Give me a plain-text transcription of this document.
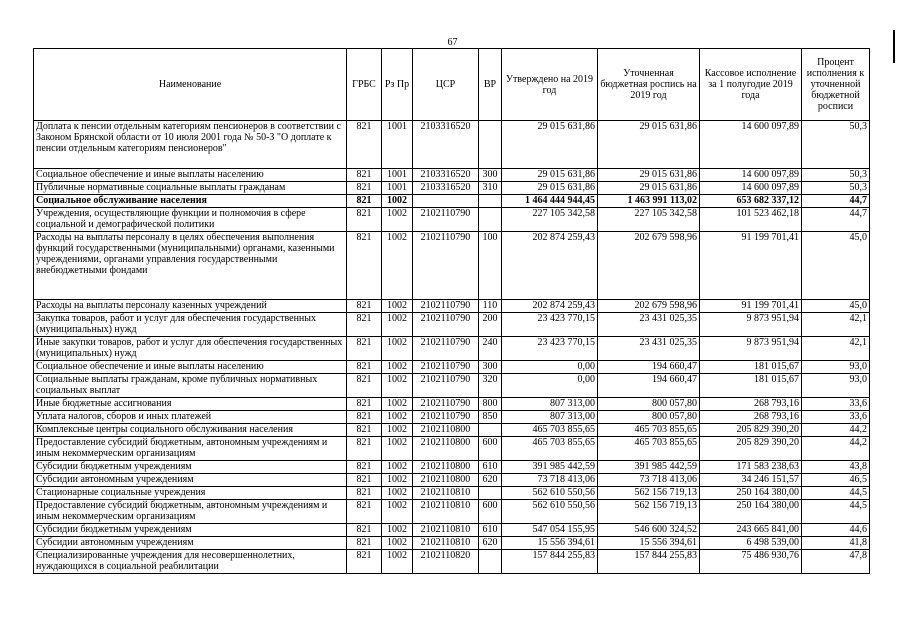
67
Наименование	ГРБС	Рз Пр	ЦСР	ВР	Утверждено на 2019 год	Уточненная бюджетная роспись на 2019 год	Кассовое исполнение за 1 полугодие 2019 года	Процент исполнения к уточненной бюджетной росписи
Доплата к пенсии отдельным категориям пенсионеров в соответствии с Законом Брянской области от 10 июля 2001 года № 50-З "О доплате к пенсии отдельным категориям пенсионеров"	821	1001	2103316520		29 015 631,86	29 015 631,86	14 600 097,89	50,3
Социальное обеспечение и иные выплаты населению	821	1001	2103316520	300	29 015 631,86	29 015 631,86	14 600 097,89	50,3
Публичные нормативные социальные выплаты гражданам	821	1001	2103316520	310	29 015 631,86	29 015 631,86	14 600 097,89	50,3
Социальное обслуживание населения	821	1002			1 464 444 944,45	1 463 991 113,02	653 682 337,12	44,7
Учреждения, осуществляющие функции и полномочия в сфере социальной и демографической политики	821	1002	2102110790		227 105 342,58	227 105 342,58	101 523 462,18	44,7
Расходы на выплаты персоналу в целях обеспечения выполнения функций государственными (муниципальными) органами, казенными учреждениями, органами управления государственными внебюджетными фондами	821	1002	2102110790	100	202 874 259,43	202 679 598,96	91 199 701,41	45,0
Расходы на выплаты персоналу казенных учреждений	821	1002	2102110790	110	202 874 259,43	202 679 598,96	91 199 701,41	45,0
Закупка товаров, работ и услуг для обеспечения государственных (муниципальных) нужд	821	1002	2102110790	200	23 423 770,15	23 431 025,35	9 873 951,94	42,1
Иные закупки товаров, работ и услуг для обеспечения государственных (муниципальных) нужд	821	1002	2102110790	240	23 423 770,15	23 431 025,35	9 873 951,94	42,1
Социальное обеспечение и иные выплаты населению	821	1002	2102110790	300	0,00	194 660,47	181 015,67	93,0
Социальные выплаты гражданам, кроме публичных нормативных социальных выплат	821	1002	2102110790	320	0,00	194 660,47	181 015,67	93,0
Иные бюджетные ассигнования	821	1002	2102110790	800	807 313,00	800 057,80	268 793,16	33,6
Уплата налогов, сборов и иных платежей	821	1002	2102110790	850	807 313,00	800 057,80	268 793,16	33,6
Комплексные центры социального обслуживания населения	821	1002	2102110800		465 703 855,65	465 703 855,65	205 829 390,20	44,2
Предоставление субсидий бюджетным, автономным учреждениям и иным некоммерческим организациям	821	1002	2102110800	600	465 703 855,65	465 703 855,65	205 829 390,20	44,2
Субсидии бюджетным учреждениям	821	1002	2102110800	610	391 985 442,59	391 985 442,59	171 583 238,63	43,8
Субсидии автономным учреждениям	821	1002	2102110800	620	73 718 413,06	73 718 413,06	34 246 151,57	46,5
Стационарные социальные учреждения	821	1002	2102110810		562 610 550,56	562 156 719,13	250 164 380,00	44,5
Предоставление субсидий бюджетным, автономным учреждениям и иным некоммерческим организациям	821	1002	2102110810	600	562 610 550,56	562 156 719,13	250 164 380,00	44,5
Субсидии бюджетным учреждениям	821	1002	2102110810	610	547 054 155,95	546 600 324,52	243 665 841,00	44,6
Субсидии автономным учреждениям	821	1002	2102110810	620	15 556 394,61	15 556 394,61	6 498 539,00	41,8
Специализированные учреждения для несовершеннолетних, нуждающихся в социальной реабилитации	821	1002	2102110820		157 844 255,83	157 844 255,83	75 486 930,76	47,8
